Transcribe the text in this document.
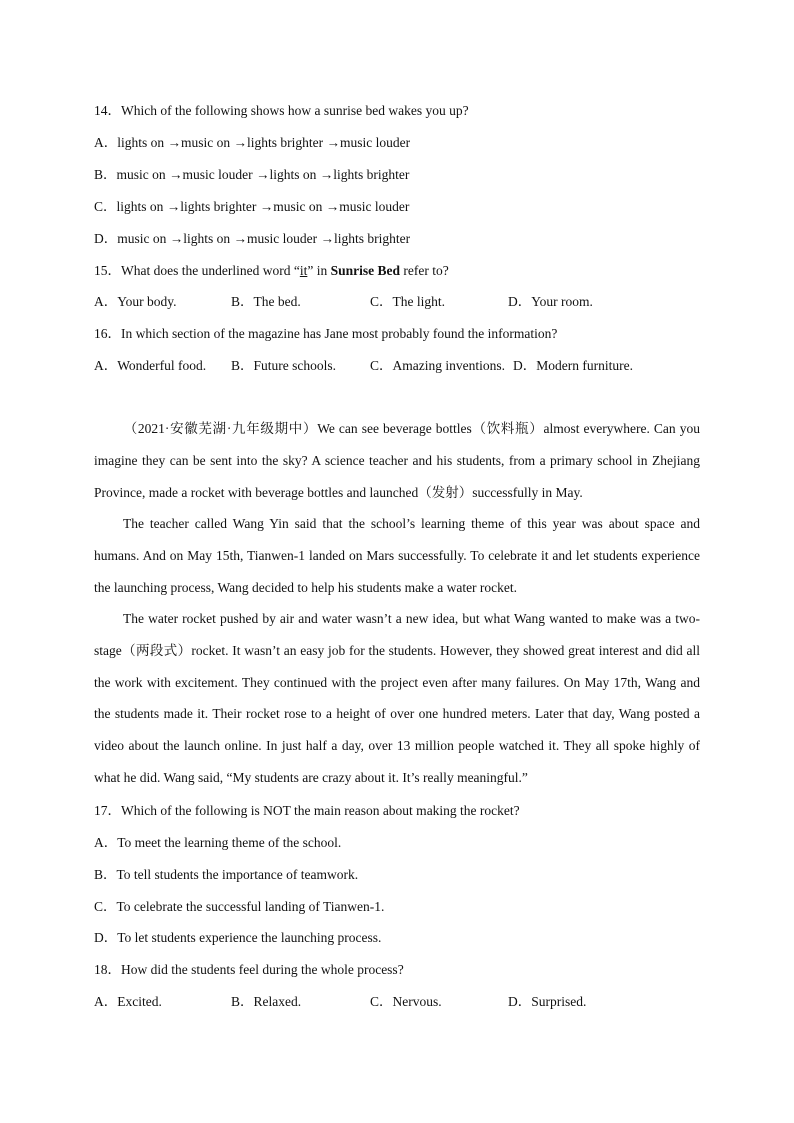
14．Which of the following shows how a sunrise bed wakes you up?
A．lights on →music on →lights brighter →music louder
B．music on →music louder →lights on →lights brighter
C．lights on →lights brighter →music on →music louder
D．music on →lights on →music louder →lights brighter
15．What does the underlined word “it” in Sunrise Bed refer to?
A．Your body.	B．The bed.	C．The light.	D．Your room.
16．In which section of the magazine has Jane most probably found the information?
A．Wonderful food. B．Future schools.	C．Amazing inventions. D．Modern furniture.

（2021·安徽芜湖·九年级期中）We can see beverage bottles（饮料瓶）almost everywhere. Can you imagine they can be sent into the sky? A science teacher and his students, from a primary school in Zhejiang Province, made a rocket with beverage bottles and launched（发射）successfully in May.

The teacher called Wang Yin said that the school’s learning theme of this year was about space and humans. And on May 15th, Tianwen-1 landed on Mars successfully. To celebrate it and let students experience the launching process, Wang decided to help his students make a water rocket.

The water rocket pushed by air and water wasn’t a new idea, but what Wang wanted to make was a two-stage（两段式）rocket. It wasn’t an easy job for the students. However, they showed great interest and did all the work with excitement. They continued with the project even after many failures. On May 17th, Wang and the students made it. Their rocket rose to a height of over one hundred meters. Later that day, Wang posted a video about the launch online. In just half a day, over 13 million people watched it. They all spoke highly of what he did. Wang said, “My students are crazy about it. It’s really meaningful.”

17．Which of the following is NOT the main reason about making the rocket?
A．To meet the learning theme of the school.
B．To tell students the importance of teamwork.
C．To celebrate the successful landing of Tianwen-1.
D．To let students experience the launching process.
18．How did the students feel during the whole process?
A．Excited.	B．Relaxed.	C．Nervous.	D．Surprised.
